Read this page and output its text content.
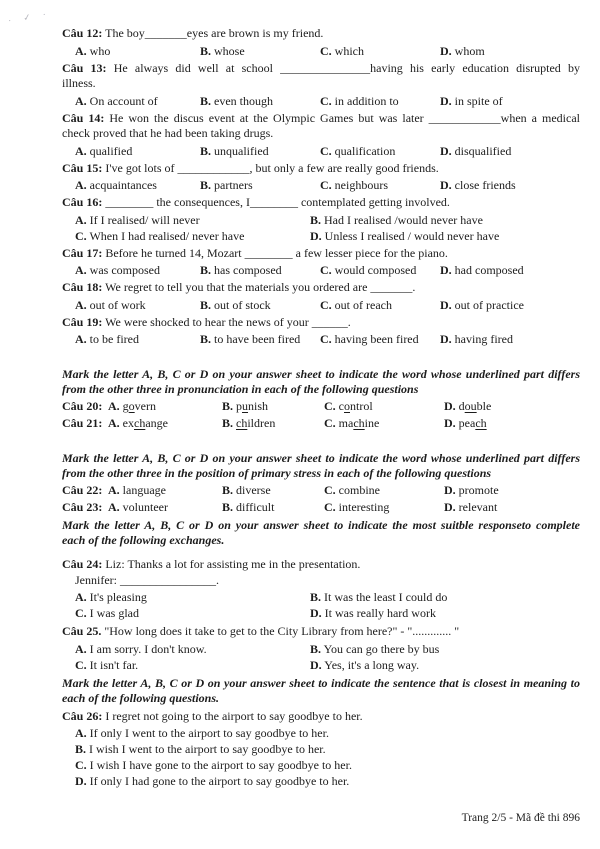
· ✓ ·
Câu 12: The boy_______eyes are brown is my friend.
A. who	B. whose	C. which	D. whom
Câu 13: He always did well at school _______________having his early education disrupted by
illness.
A. On account of	B. even though	C. in addition to	D. in spite of
Câu 14: He won the discus event at the Olympic Games but was later ____________when a medical
check proved that he had been taking drugs.
A. qualified	B. unqualified	C. qualification	D. disqualified
Câu 15: I've got lots of ____________, but only a few are really good friends.
A. acquaintances	B. partners	C. neighbours	D. close friends
Câu 16: ________ the consequences, I________ contemplated getting involved.
A. If I realised/ will never	B. Had I realised /would never have
C. When I had realised/ never have	D. Unless I realised / would never have
Câu 17: Before he turned 14, Mozart ________ a few lesser piece for the piano.
A. was composed	B. has composed	C. would composed	D. had composed
Câu 18: We regret to tell you that the materials you ordered are _______.
A. out of work	B. out of stock	C. out of reach	D. out of practice
Câu 19: We were shocked to hear the news of your ______.
A. to be fired	B. to have been fired	C. having been fired	D. having fired
Mark the letter A, B, C or D on your answer sheet to indicate the word whose underlined part differs
from the other three in pronunciation in each of the following questions
Câu 20: A. govern	B. punish	C. control	D. double
Câu 21: A. exchange	B. children	C. machine	D. peach
Mark the letter A, B, C or D on your answer sheet to indicate the word whose underlined part differs
from the other three in the position of primary stress in each of the following questions
Câu 22: A. language	B. diverse	C. combine	D. promote
Câu 23: A. volunteer	B. difficult	C. interesting	D. relevant
Mark the letter A, B, C or D on your answer sheet to indicate the most suitble responseto complete
each of the following exchanges.
Câu 24: Liz: Thanks a lot for assisting me in the presentation.
Jennifer: ________________.
A. It's pleasing	B. It was the least I could do
C. I was glad	D. It was really hard work
Câu 25. "How long does it take to get to the City Library from here?" - "............. "
A. I am sorry. I don't know.	B. You can go there by bus
C. It isn't far.	D. Yes, it's a long way.
Mark the letter A, B, C or D on your answer sheet to indicate the sentence that is closest in meaning to
each of the following questions.
Câu 26: I regret not going to the airport to say goodbye to her.
A. If only I went to the airport to say goodbye to her.
B. I wish I went to the airport to say goodbye to her.
C. I wish I have gone to the airport to say goodbye to her.
D. If only I had gone to the airport to say goodbye to her.
Trang 2/5 - Mã đề thi 896
